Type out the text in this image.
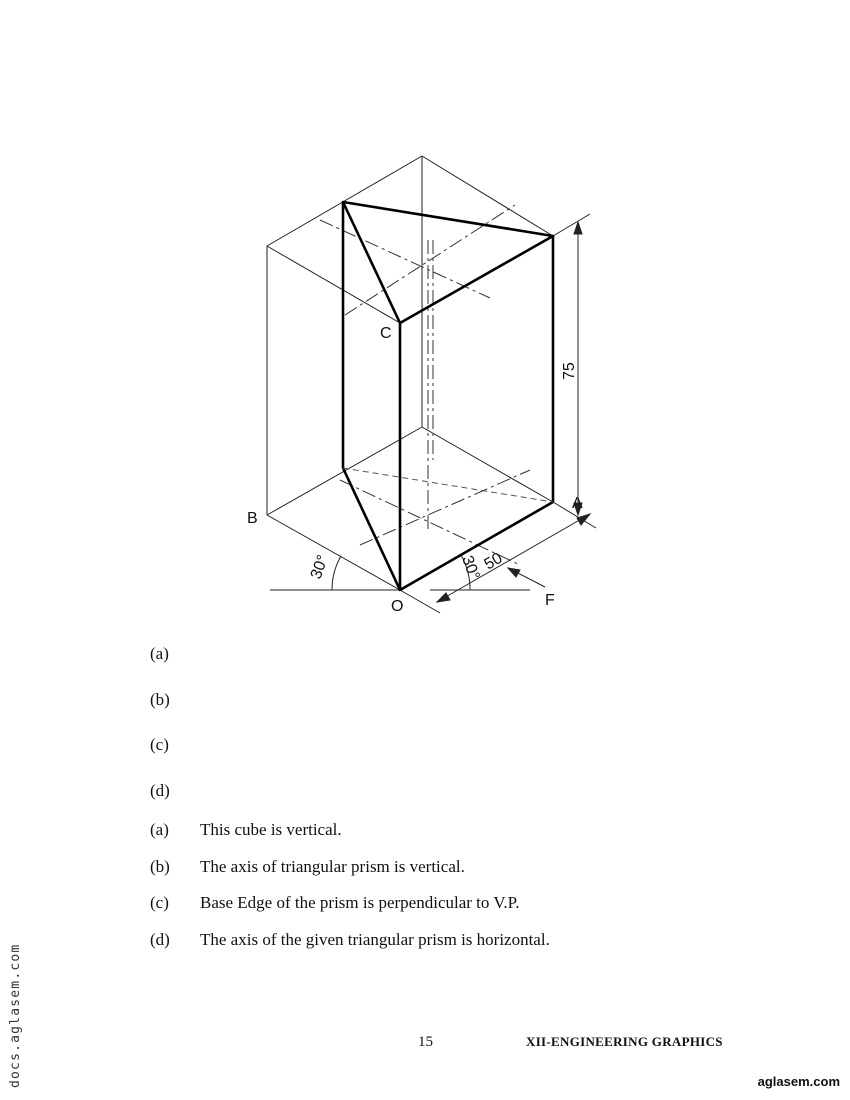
75
50
30°	30°
C
B
A
O	F
(a)
(b)
(c)
(d)
(a) This cube is vertical.
(b) The axis of triangular prism is vertical.
(c) Base Edge of the prism is perpendicular to V.P.
(d) The axis of the given triangular prism is horizontal.
15	XII-ENGINEERING GRAPHICS
docs.aglasem.com	aglasem.com
